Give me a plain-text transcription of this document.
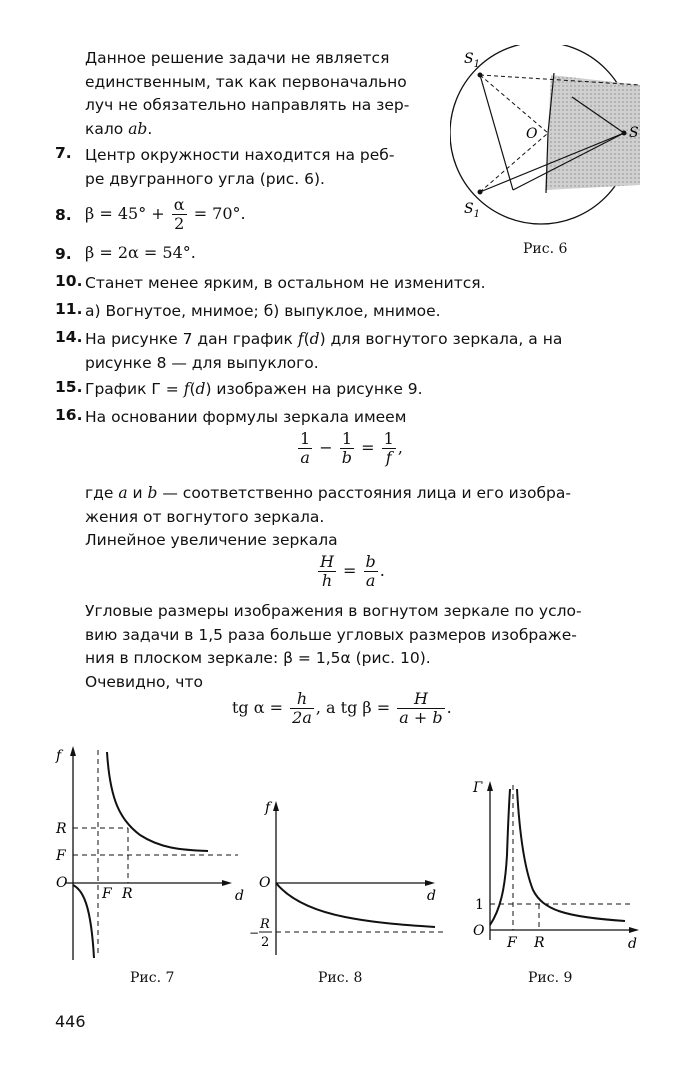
Данное решение задачи не является
единственным, так как первоначально
луч не обязательно направлять на зер-
кало ab.
7. Центр окружности находится на реб-
ре двугранного угла (рис. 6).
8. $\beta = 45^\circ + \frac{\alpha}{2} = 70^\circ$.
9. β = 2α = 54°.
10. Станет менее ярким, в остальном не изменится.
11. а) Вогнутое, мнимое; б) выпуклое, мнимое.
14. На рисунке 7 дан график f(d) для вогнутого зеркала, а на
рисунке 8 — для выпуклого.
15. График Г = f(d) изображен на рисунке 9.
16. На основании формулы зеркала имеем
$\frac{1}{a} - \frac{1}{b} = \frac{1}{f}$ ,
где a и b — соответственно расстояния лица и его изобра-
жения от вогнутого зеркала.
Линейное увеличение зеркала
$\frac{H}{h} = \frac{b}{a}$ .
Угловые размеры изображения в вогнутом зеркале по усло-
вию задачи в 1,5 раза больше угловых размеров изображе-
ния в плоском зеркале: β = 1,5α (рис. 10).
Очевидно, что
tg $\alpha = \frac{h}{2a}$ , а tg $\beta = \frac{H}{a + b}$ .
$S_1$
$S_1$
O	S
Рис. 6
f
d
O
R
F
F R
Рис. 7
f
d
O
−
R
2
Рис. 8
Г
d
O
1
F R
Рис. 9
446
